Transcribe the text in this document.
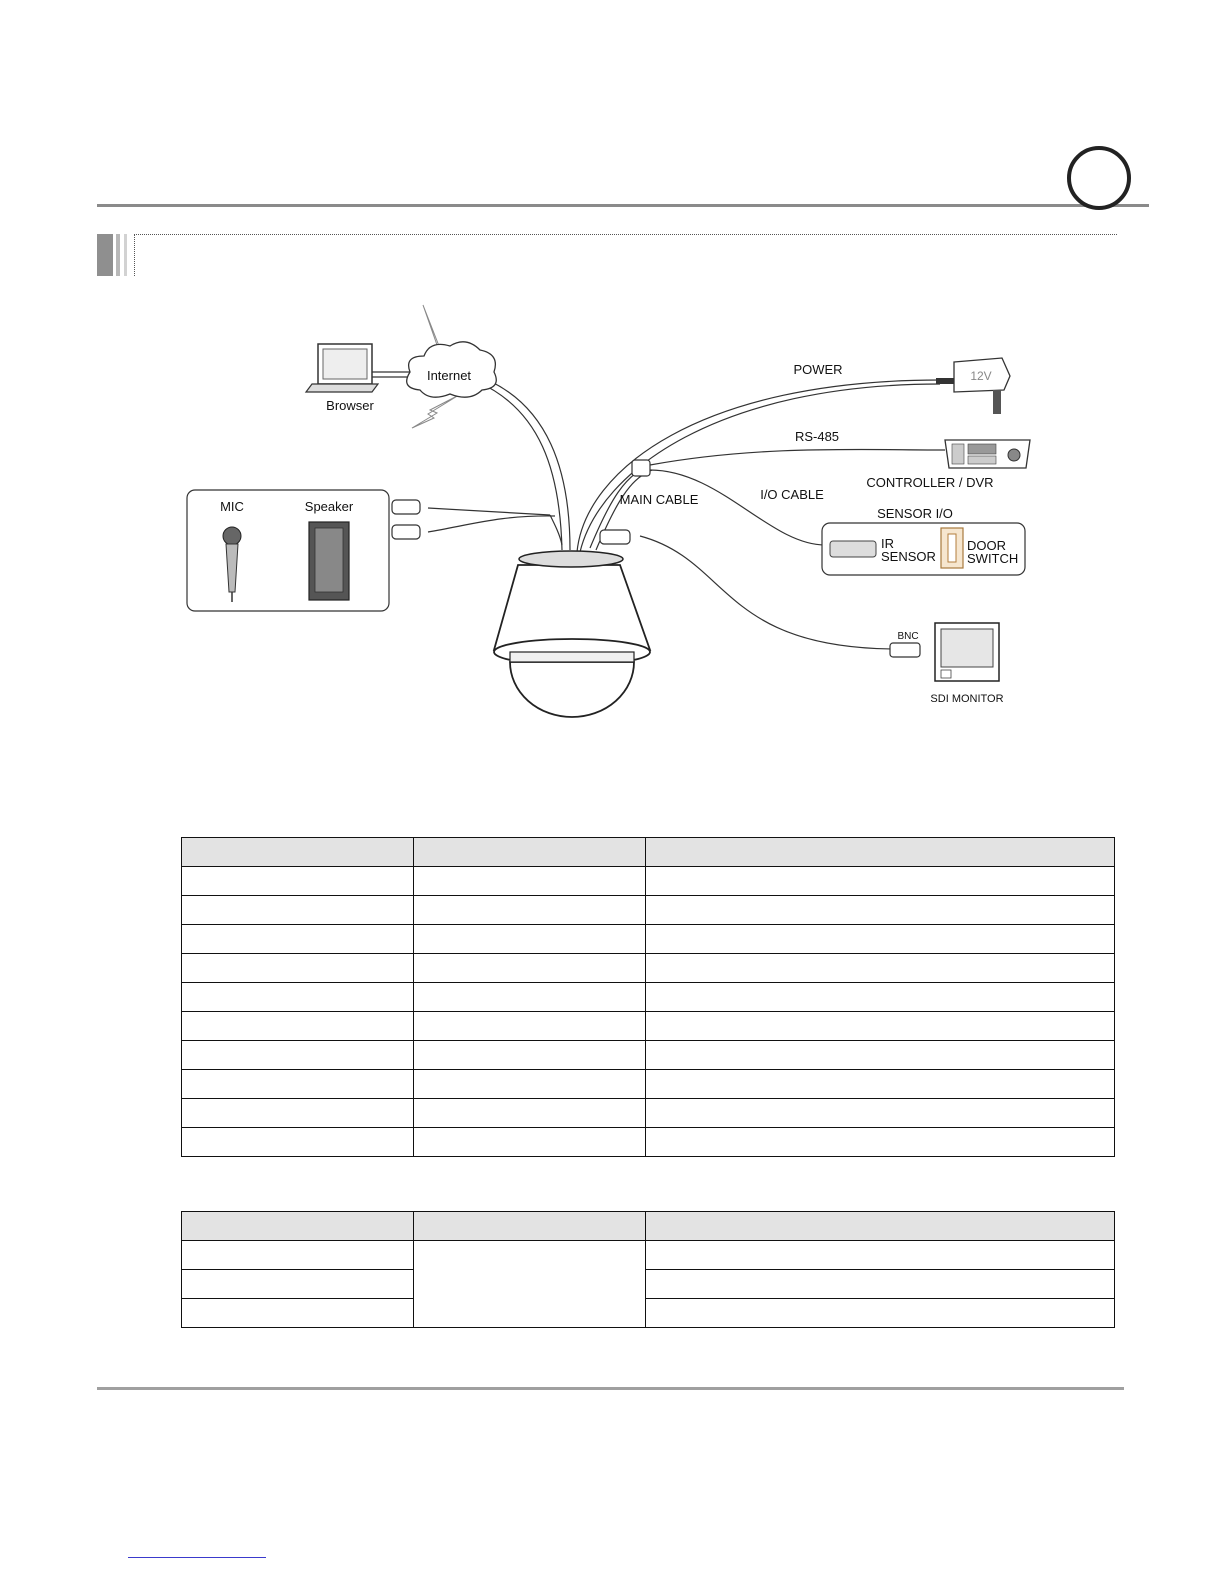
Browser
Internet	POWER	12V
RS-485
CONTROLLER / DVR
MAIN CABLE	I/O CABLE
SENSOR I/O
IR
SENSOR
DOOR
SWITCH
MIC	Speaker
BNC
SDI MONITOR
